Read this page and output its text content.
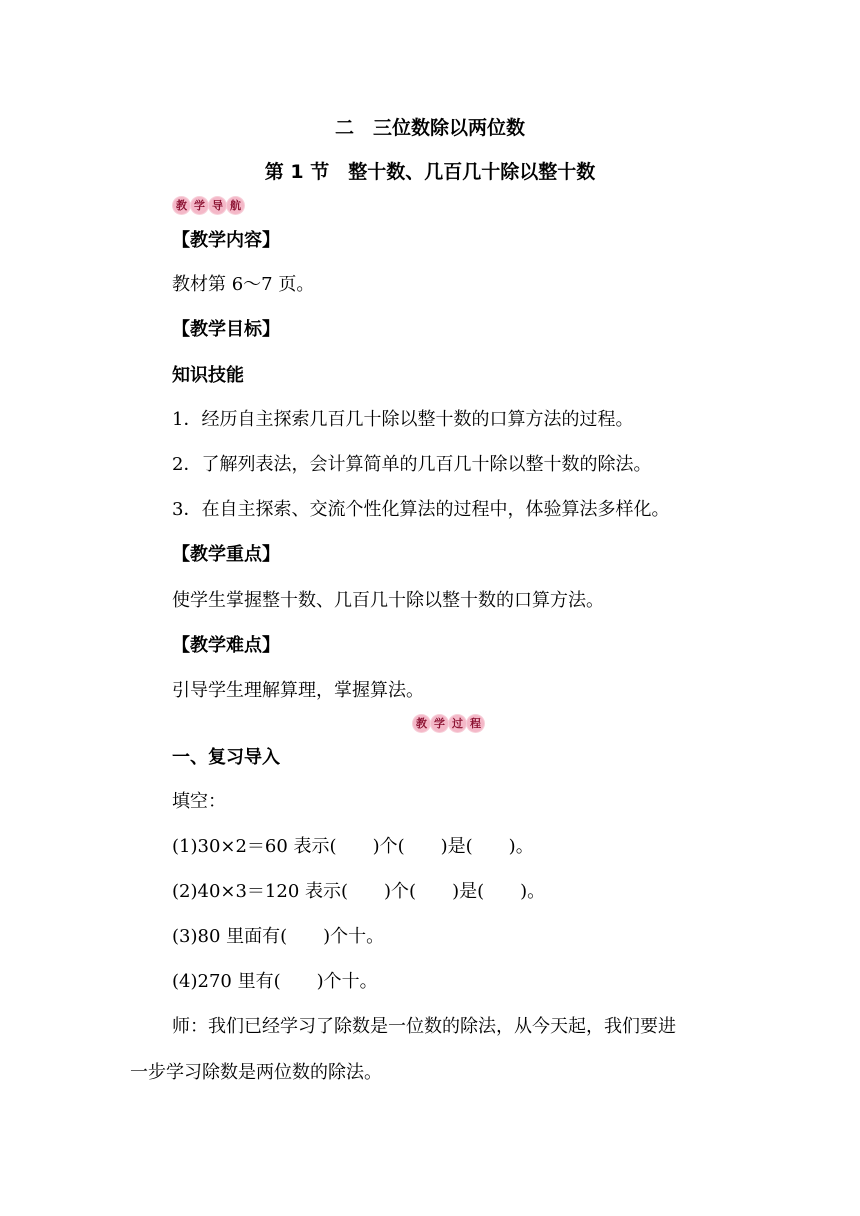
二　三位数除以两位数
第 1 节　整十数、几百几十除以整十数
教 学 导 航
【教学内容】
教材第 6～7 页。
【教学目标】
知识技能
1．经历自主探索几百几十除以整十数的口算方法的过程。
2．了解列表法，会计算简单的几百几十除以整十数的除法。
3．在自主探索、交流个性化算法的过程中，体验算法多样化。
【教学重点】
使学生掌握整十数、几百几十除以整十数的口算方法。
【教学难点】
引导学生理解算理，掌握算法。
教 学 过 程
一、复习导入
填空：
(1)30×2＝60 表示(　　)个(　　)是(　　)。
(2)40×3＝120 表示(　　)个(　　)是(　　)。
(3)80 里面有(　　)个十。
(4)270 里有(　　)个十。
师：我们已经学习了除数是一位数的除法，从今天起，我们要进
一步学习除数是两位数的除法。
